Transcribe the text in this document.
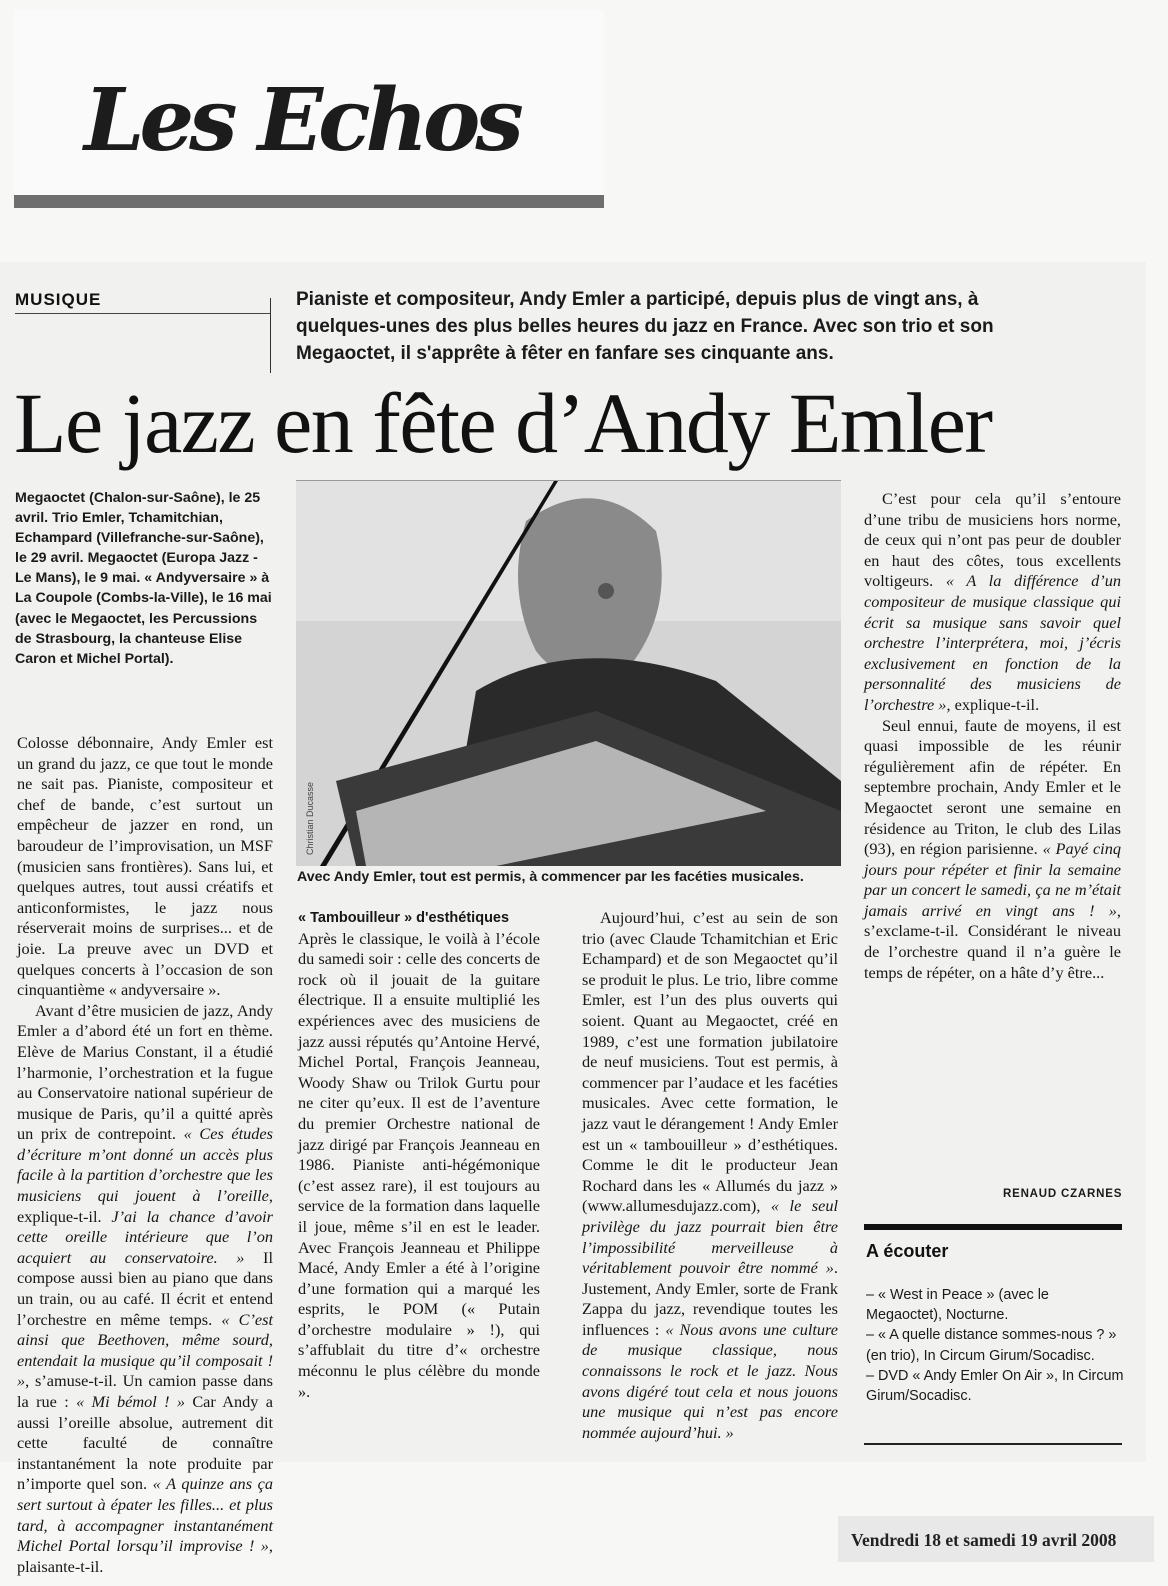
Les Echos
MUSIQUE	Pianiste et compositeur, Andy Emler a participé, depuis plus de vingt ans, à quelques-unes des plus belles heures du jazz en France. Avec son trio et son Megaoctet, il s'apprête à fêter en fanfare ses cinquante ans.

Le jazz en fête d’Andy Emler

Megaoctet (Chalon-sur-Saône), le 25 avril. Trio Emler, Tchamitchian, Echampard (Villefranche-sur-Saône), le 29 avril. Megaoctet (Europa Jazz - Le Mans), le 9 mai. « Andyversaire » à La Coupole (Combs-la-Ville), le 16 mai (avec le Megaoctet, les Percussions de Strasbourg, la chanteuse Elise Caron et Michel Portal).

Christian Ducasse

Avec Andy Emler, tout est permis, à commencer par les facéties musicales.

Colosse débonnaire, Andy Emler est un grand du jazz, ce que tout le monde ne sait pas. Pianiste, compositeur et chef de bande, c’est surtout un empêcheur de jazzer en rond, un baroudeur de l’improvisation, un MSF (musicien sans frontières). Sans lui, et quelques autres, tout aussi créatifs et anticonformistes, le jazz nous réserverait moins de surprises... et de joie. La preuve avec un DVD et quelques concerts à l’occasion de son cinquantième « andyversaire ».

Avant d’être musicien de jazz, Andy Emler a d’abord été un fort en thème. Elève de Marius Constant, il a étudié l’harmonie, l’orchestration et la fugue au Conservatoire national supérieur de musique de Paris, qu’il a quitté après un prix de contrepoint. « Ces études d’écriture m’ont donné un accès plus facile à la partition d’orchestre que les musiciens qui jouent à l’oreille, explique-t-il. J’ai la chance d’avoir cette oreille intérieure que l’on acquiert au conservatoire. » Il compose aussi bien au piano que dans un train, ou au café. Il écrit et entend l’orchestre en même temps. « C’est ainsi que Beethoven, même sourd, entendait la musique qu’il composait ! », s’amuse-t-il. Un camion passe dans la rue : « Mi bémol ! » Car Andy a aussi l’oreille absolue, autrement dit cette faculté de connaître instantanément la note produite par n’importe quel son. « A quinze ans ça sert surtout à épater les filles... et plus tard, à accompagner instantanément Michel Portal lorsqu’il improvise ! », plaisante-t-il.

« Tambouilleur » d'esthétiques

Après le classique, le voilà à l’école du samedi soir : celle des concerts de rock où il jouait de la guitare électrique. Il a ensuite multiplié les expériences avec des musiciens de jazz aussi réputés qu’Antoine Hervé, Michel Portal, François Jeanneau, Woody Shaw ou Trilok Gurtu pour ne citer qu’eux. Il est de l’aventure du premier Orchestre national de jazz dirigé par François Jeanneau en 1986. Pianiste anti-hégémonique (c’est assez rare), il est toujours au service de la formation dans laquelle il joue, même s’il en est le leader. Avec François Jeanneau et Philippe Macé, Andy Emler a été à l’origine d’une formation qui a marqué les esprits, le POM (« Putain d’orchestre modulaire » !), qui s’affublait du titre d’« orchestre méconnu le plus célèbre du monde ».

Aujourd’hui, c’est au sein de son trio (avec Claude Tchamitchian et Eric Echampard) et de son Megaoctet qu’il se produit le plus. Le trio, libre comme Emler, est l’un des plus ouverts qui soient. Quant au Megaoctet, créé en 1989, c’est une formation jubilatoire de neuf musiciens. Tout est permis, à commencer par l’audace et les facéties musicales. Avec cette formation, le jazz vaut le dérangement ! Andy Emler est un « tambouilleur » d’esthétiques. Comme le dit le producteur Jean Rochard dans les « Allumés du jazz » (www.allumesdujazz.com), « le seul privilège du jazz pourrait bien être l’impossibilité merveilleuse à véritablement pouvoir être nommé ». Justement, Andy Emler, sorte de Frank Zappa du jazz, revendique toutes les influences : « Nous avons une culture de musique classique, nous connaissons le rock et le jazz. Nous avons digéré tout cela et nous jouons une musique qui n’est pas encore nommée aujourd’hui. »

C’est pour cela qu’il s’entoure d’une tribu de musiciens hors norme, de ceux qui n’ont pas peur de doubler en haut des côtes, tous excellents voltigeurs. « A la différence d’un compositeur de musique classique qui écrit sa musique sans savoir quel orchestre l’interprétera, moi, j’écris exclusivement en fonction de la personnalité des musiciens de l’orchestre », explique-t-il.

Seul ennui, faute de moyens, il est quasi impossible de les réunir régulièrement afin de répéter. En septembre prochain, Andy Emler et le Megaoctet seront une semaine en résidence au Triton, le club des Lilas (93), en région parisienne. « Payé cinq jours pour répéter et finir la semaine par un concert le samedi, ça ne m’était jamais arrivé en vingt ans ! », s’exclame-t-il. Considérant le niveau de l’orchestre quand il n’a guère le temps de répéter, on a hâte d’y être...

RENAUD CZARNES

A écouter
– « West in Peace » (avec le Megaoctet), Nocturne.
– « A quelle distance sommes-nous ? » (en trio), In Circum Girum/Socadisc.
– DVD « Andy Emler On Air », In Circum Girum/Socadisc.

Vendredi 18 et samedi 19 avril 2008
